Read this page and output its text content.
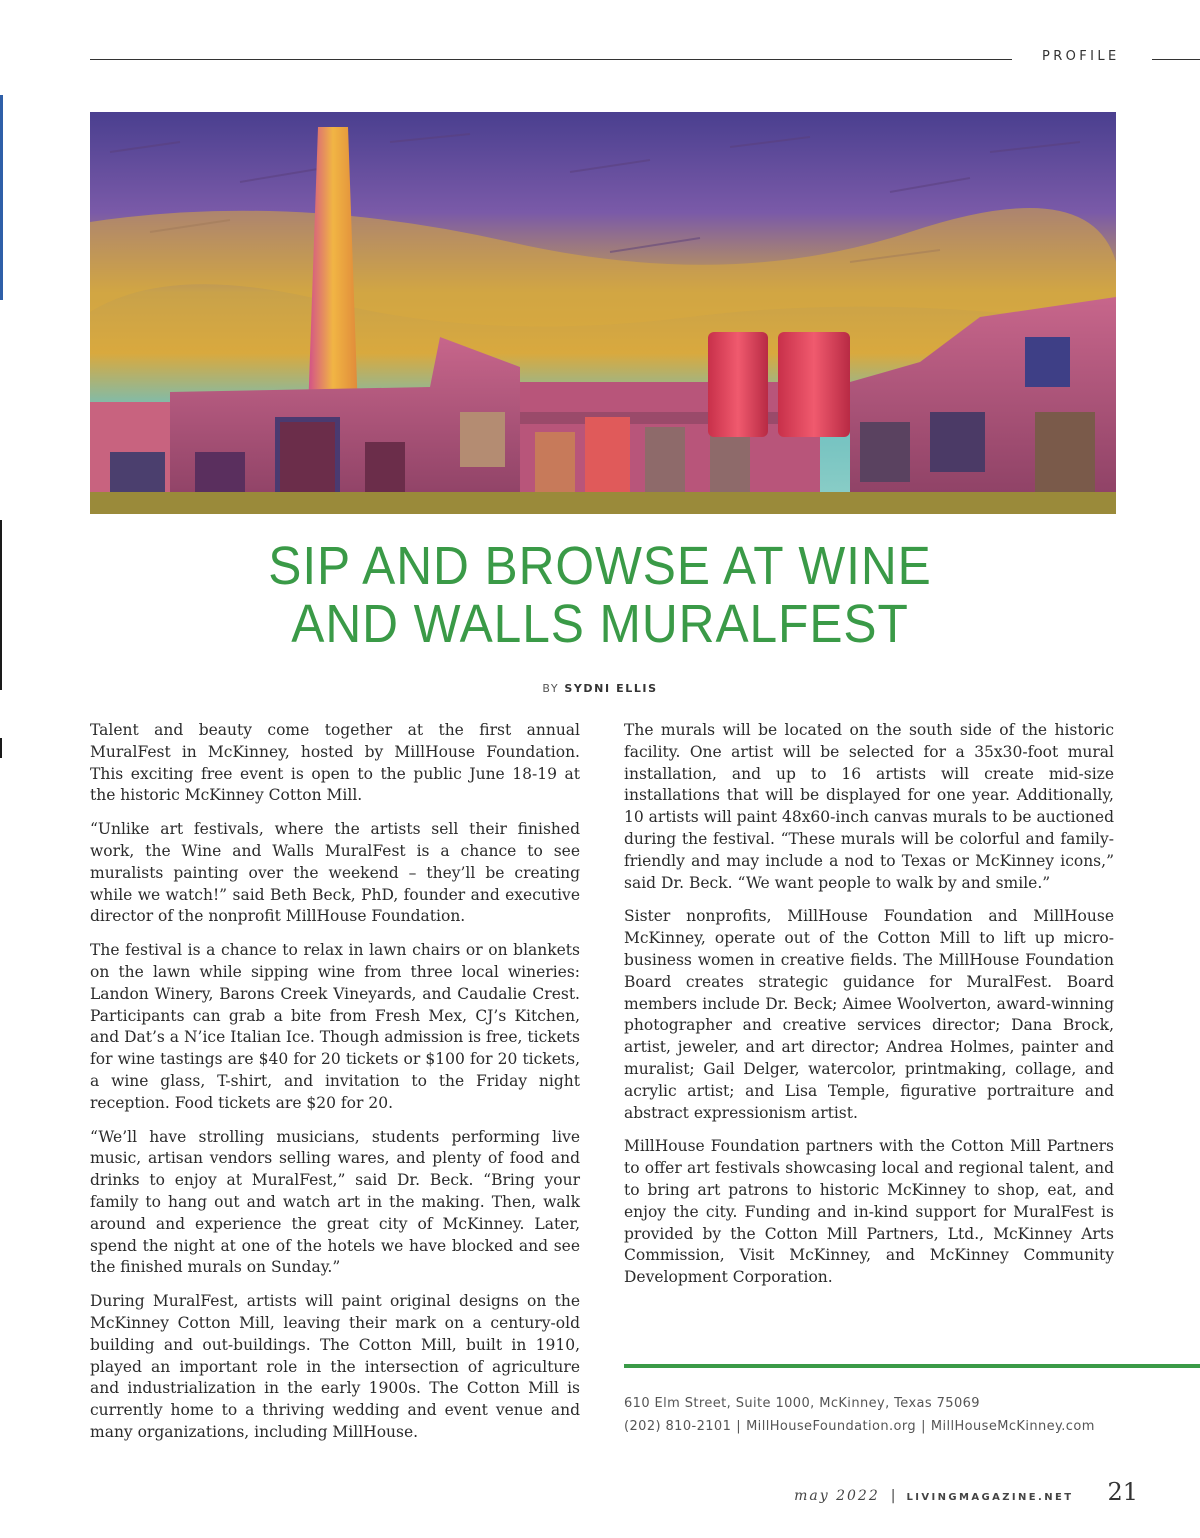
PROFILE
SIP AND BROWSE AT WINE
AND WALLS MURALFEST
BY SYDNI ELLIS

Talent and beauty come together at the first annual MuralFest in McKinney, hosted by MillHouse Foundation. This exciting free event is open to the public June 18-19 at the historic McKinney Cotton Mill.

“Unlike art festivals, where the artists sell their finished work, the Wine and Walls MuralFest is a chance to see muralists painting over the weekend – they’ll be creating while we watch!” said Beth Beck, PhD, founder and executive director of the nonprofit MillHouse Foundation.

The festival is a chance to relax in lawn chairs or on blankets on the lawn while sipping wine from three local wineries: Landon Winery, Barons Creek Vineyards, and Caudalie Crest. Participants can grab a bite from Fresh Mex, CJ’s Kitchen, and Dat’s a N’ice Italian Ice. Though admission is free, tickets for wine tastings are $40 for 20 tickets or $100 for 20 tickets, a wine glass, T-shirt, and invitation to the Friday night reception. Food tickets are $20 for 20.

“We’ll have strolling musicians, students performing live music, artisan vendors selling wares, and plenty of food and drinks to enjoy at MuralFest,” said Dr. Beck. “Bring your family to hang out and watch art in the making. Then, walk around and experience the great city of McKinney. Later, spend the night at one of the hotels we have blocked and see the finished murals on Sunday.”

During MuralFest, artists will paint original designs on the McKinney Cotton Mill, leaving their mark on a century-old building and out-buildings. The Cotton Mill, built in 1910, played an important role in the intersection of agriculture and industrialization in the early 1900s. The Cotton Mill is currently home to a thriving wedding and event venue and many organizations, including MillHouse.

The murals will be located on the south side of the historic facility. One artist will be selected for a 35x30-foot mural installation, and up to 16 artists will create mid-size installations that will be displayed for one year. Additionally, 10 artists will paint 48x60-inch canvas murals to be auctioned during the festival. “These murals will be colorful and family-friendly and may include a nod to Texas or McKinney icons,” said Dr. Beck. “We want people to walk by and smile.”

Sister nonprofits, MillHouse Foundation and MillHouse McKinney, operate out of the Cotton Mill to lift up micro-business women in creative fields. The MillHouse Foundation Board creates strategic guidance for MuralFest. Board members include Dr. Beck; Aimee Woolverton, award-winning photographer and creative services director; Dana Brock, artist, jeweler, and art director; Andrea Holmes, painter and muralist; Gail Delger, watercolor, printmaking, collage, and acrylic artist; and Lisa Temple, figurative portraiture and abstract expressionism artist.

MillHouse Foundation partners with the Cotton Mill Partners to offer art festivals showcasing local and regional talent, and to bring art patrons to historic McKinney to shop, eat, and enjoy the city. Funding and in-kind support for MuralFest is provided by the Cotton Mill Partners, Ltd., McKinney Arts Commission, Visit McKinney, and McKinney Community Development Corporation.

610 Elm Street, Suite 1000, McKinney, Texas 75069
(202) 810-2101 | MillHouseFoundation.org | MillHouseMcKinney.com
may 2022 | LIVINGMAGAZINE.NET 21
